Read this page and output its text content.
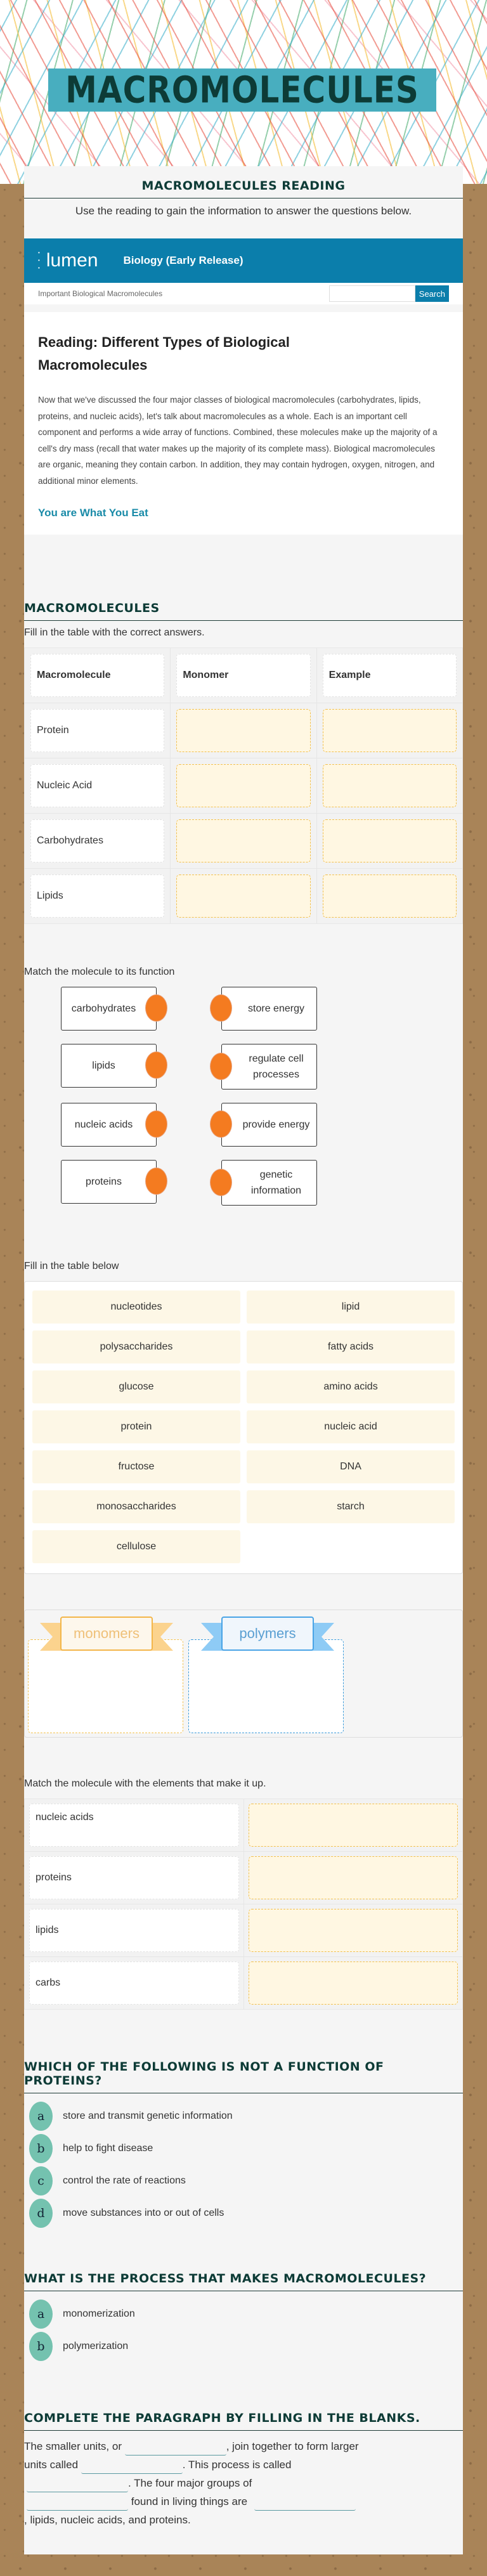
MACROMOLECULES
MACROMOLECULES READING
Use the reading to gain the information to answer the questions below.
•
•
• lumen Biology (Early Release)
Important Biological Macromolecules	Search
Reading: Different Types of Biological Macromolecules

Now that we've discussed the four major classes of biological macromolecules (carbohydrates, lipids, proteins, and nucleic acids), let's talk about macromolecules as a whole. Each is an important cell component and performs a wide array of functions. Combined, these molecules make up the majority of a cell's dry mass (recall that water makes up the majority of its complete mass). Biological macromolecules are organic, meaning they contain carbon. In addition, they may contain hydrogen, oxygen, nitrogen, and additional minor elements.

You are What You Eat
MACROMOLECULES
Fill in the table with the correct answers.
Macromolecule	Monomer	Example
Protein
Nucleic Acid
Carbohydrates
Lipids
Match the molecule to its function
carbohydrates
lipids
nucleic acids
proteins
store energy
regulate cell processes
provide energy
genetic information
Fill in the table below
nucleotides	lipid
polysaccharides	fatty acids
glucose	amino acids
protein	nucleic acid
fructose	DNA
monosaccharides	starch
cellulose
monomers	polymers
Match the molecule with the elements that make it up.
nucleic acids
proteins
lipids
carbs
WHICH OF THE FOLLOWING IS NOT A FUNCTION OF PROTEINS?
a	store and transmit genetic information
b	help to fight disease
c	control the rate of reactions
d	move substances into or out of cells
WHAT IS THE PROCESS THAT MAKES MACROMOLECULES?
a	monomerization
b	polymerization
COMPLETE THE PARAGRAPH BY FILLING IN THE BLANKS.
The smaller units, or	, join together to form larger
units called	. This process is called
. The four major groups of
found in living things are
, lipids, nucleic acids, and proteins.
